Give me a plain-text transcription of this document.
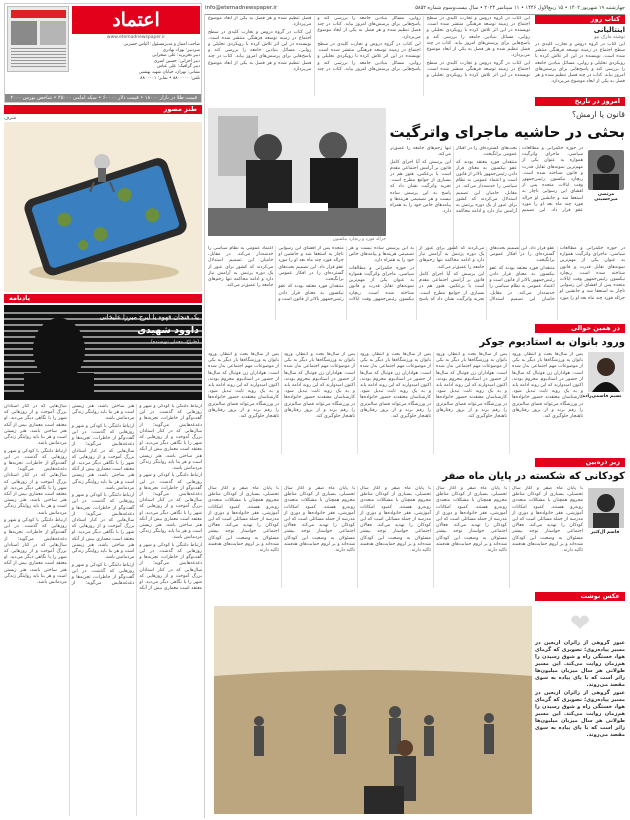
چهارشنبه ۱۹ شهریور ۱۴۰۲ • ۱۵ ربیع‌الاول ۱۴۴۶ • ۱۱ سپتامبر ۲۰۲۴ • سال بیست‌وسوم شماره ۵۸۵۲
info@etemadnewspaper.ir
اعتماد
www.etemadnewspaper.ir
صاحب امتیاز و مدیرمسئول: الیاس حضرتی
سردبیر: بهزاد بهادری
دبیر تحریریه: علی صحرایی
دبیر اجرایی: حسین امیری
دبیر گرافیک: علی عباس
نشانی: تهران، خیابان شهید بهشتی
تلفن: ۸۸۰۰۰۰۰ • نمابر: ۸۸۰۰۰۰۱
قیمت طلا در بازار ۱۸۰۰۰ • قیمت دلار ۶۰۰۰۰ • سکه امامی ۴۵۰۰۰ • شاخص بورس ۲۰۰۰
طنز مصور
شرف
یادنامه
یک فنجان قهوه با ایرج میرزا علیخانی
داوود شهیدی
(طراح، معمار، نویسنده)

ارتباط دلتنگی با کودکی و شهر و روزهایی که گذشت. در این گفت‌وگو از خاطرات، تجربه‌ها و دغدغه‌هایش می‌گوید؛ از سال‌هایی که در کنار استادان بزرگ آموخت و از روزهایی که شهر را با نگاهی دیگر می‌دید. او معتقد است معماری بیش از آنکه هنر ساختن باشد، هنر زیستن است و هر بنا باید روایتگر زندگی مردمانش باشد.

ارتباط دلتنگی با کودکی و شهر و روزهایی که گذشت. در این گفت‌وگو از خاطرات، تجربه‌ها و دغدغه‌هایش می‌گوید؛ از سال‌هایی که در کنار استادان بزرگ آموخت و از روزهایی که شهر را با نگاهی دیگر می‌دید. او معتقد است معماری بیش از آنکه هنر ساختن باشد، هنر زیستن است و هر بنا باید روایتگر زندگی مردمانش باشد.

ارتباط دلتنگی با کودکی و شهر و روزهایی که گذشت. در این گفت‌وگو از خاطرات، تجربه‌ها و دغدغه‌هایش می‌گوید؛ از سال‌هایی که در کنار استادان بزرگ آموخت و از روزهایی که شهر را با نگاهی دیگر می‌دید. او معتقد است معماری بیش از آنکه هنر ساختن باشد، هنر زیستن است و هر بنا باید روایتگر زندگی مردمانش باشد.

ارتباط دلتنگی با کودکی و شهر و روزهایی که گذشت. در این گفت‌وگو از خاطرات، تجربه‌ها و دغدغه‌هایش می‌گوید؛ از سال‌هایی که در کنار استادان بزرگ آموخت و از روزهایی که شهر را با نگاهی دیگر می‌دید. او معتقد است معماری بیش از آنکه هنر ساختن باشد، هنر زیستن است و هر بنا باید روایتگر زندگی مردمانش باشد.

ارتباط دلتنگی با کودکی و شهر و روزهایی که گذشت. در این گفت‌وگو از خاطرات، تجربه‌ها و دغدغه‌هایش می‌گوید؛ از سال‌هایی که در کنار استادان بزرگ آموخت و از روزهایی که شهر را با نگاهی دیگر می‌دید. او معتقد است معماری بیش از آنکه هنر ساختن باشد، هنر زیستن است و هر بنا باید روایتگر زندگی مردمانش باشد.

ارتباط دلتنگی با کودکی و شهر و روزهایی که گذشت. در این گفت‌وگو از خاطرات، تجربه‌ها و دغدغه‌هایش می‌گوید؛ از سال‌هایی که در کنار استادان بزرگ آموخت و از روزهایی که شهر را با نگاهی دیگر می‌دید. او معتقد است معماری بیش از آنکه هنر ساختن باشد، هنر زیستن است و هر بنا باید روایتگر زندگی مردمانش باشد.

ارتباط دلتنگی با کودکی و شهر و روزهایی که گذشت. در این گفت‌وگو از خاطرات، تجربه‌ها و دغدغه‌هایش می‌گوید؛ از سال‌هایی که در کنار استادان بزرگ آموخت و از روزهایی که شهر را با نگاهی دیگر می‌دید. او معتقد است معماری بیش از آنکه هنر ساختن باشد، هنر زیستن است و هر بنا باید روایتگر زندگی مردمانش باشد.

ارتباط دلتنگی با کودکی و شهر و روزهایی که گذشت. در این گفت‌وگو از خاطرات، تجربه‌ها و دغدغه‌هایش می‌گوید؛ از سال‌هایی که در کنار استادان بزرگ آموخت و از روزهایی که شهر را با نگاهی دیگر می‌دید. او معتقد است معماری بیش از آنکه هنر ساختن باشد، هنر زیستن است و هر بنا باید روایتگر زندگی مردمانش باشد.

کتاب روز
اینتالیانی
نوشته مارک نپو

این کتاب در گروه دروس و تجارب کلیدی در سطح اجتماع در زمینه توسعه فرهنگی منتشر شده است. نویسنده در این اثر تلاش کرده با رویکردی تحلیلی و روایی، مسائل بنیادین جامعه را بررسی کند و پاسخ‌هایی برای پرسش‌های امروز بیابد. کتاب در چند فصل تنظیم شده و هر فصل به یکی از ابعاد موضوع می‌پردازد.

این کتاب در گروه دروس و تجارب کلیدی در سطح اجتماع در زمینه توسعه فرهنگی منتشر شده است. نویسنده در این اثر تلاش کرده با رویکردی تحلیلی و روایی، مسائل بنیادین جامعه را بررسی کند و پاسخ‌هایی برای پرسش‌های امروز بیابد. کتاب در چند فصل تنظیم شده و هر فصل به یکی از ابعاد موضوع می‌پردازد.

این کتاب در گروه دروس و تجارب کلیدی در سطح اجتماع در زمینه توسعه فرهنگی منتشر شده است. نویسنده در این اثر تلاش کرده با رویکردی تحلیلی و روایی، مسائل بنیادین جامعه را بررسی کند و پاسخ‌هایی برای پرسش‌های امروز بیابد. کتاب در چند فصل تنظیم شده و هر فصل به یکی از ابعاد موضوع می‌پردازد.

این کتاب در گروه دروس و تجارب کلیدی در سطح اجتماع در زمینه توسعه فرهنگی منتشر شده است. نویسنده در این اثر تلاش کرده با رویکردی تحلیلی و روایی، مسائل بنیادین جامعه را بررسی کند و پاسخ‌هایی برای پرسش‌های امروز بیابد. کتاب در چند فصل تنظیم شده و هر فصل به یکی از ابعاد موضوع می‌پردازد.

این کتاب در گروه دروس و تجارب کلیدی در سطح اجتماع در زمینه توسعه فرهنگی منتشر شده است. نویسنده در این اثر تلاش کرده با رویکردی تحلیلی و روایی، مسائل بنیادین جامعه را بررسی کند و پاسخ‌هایی برای پرسش‌های امروز بیابد. کتاب در چند فصل تنظیم شده و هر فصل به یکی از ابعاد موضوع می‌پردازد.

امروز در تاریخ
قانون یا ارمش؟
بحثی در حاشیه ماجرای واترگیت
جرالد فورد و ریچارد نیکسون
مرتضی میرحسینی

در حوزه حکمرانی و مطالعات سیاسی، ماجرای واترگیت همواره به عنوان یکی از مهم‌ترین نمونه‌های تقابل قدرت و قانون شناخته شده است. ریچارد نیکسون رئیس‌جمهور وقت ایالات متحده پس از افشای این رسوایی ناچار به استعفا شد و جانشین او جرالد فورد چند ماه بعد او را مورد عفو قرار داد. این تصمیم بحث‌های گسترده‌ای را در افکار عمومی برانگیخت.

منتقدان فورد معتقد بودند که عفو نیکسون به معنای قرار دادن رئیس‌جمهور بالاتر از قانون است و اعتماد عمومی به نظام سیاسی را خدشه‌دار می‌کند. در مقابل، حامیان این تصمیم استدلال می‌کردند که کشور برای عبور از یک دوره پرتنش به آرامش نیاز دارد و ادامه محاکمه تنها زخم‌های جامعه را عمیق‌تر می‌کند.

این پرسش که آیا اجرای کامل قانون بر آرامش اجتماعی مقدم است یا برعکس، هنوز هم در بسیاری از جوامع مطرح است. تجربه واترگیت نشان داد که پاسخ به این پرسش ساده نیست و هر تصمیمی هزینه‌ها و پیامدهای خاص خود را به همراه دارد.

در حوزه حکمرانی و مطالعات سیاسی، ماجرای واترگیت همواره به عنوان یکی از مهم‌ترین نمونه‌های تقابل قدرت و قانون شناخته شده است. ریچارد نیکسون رئیس‌جمهور وقت ایالات متحده پس از افشای این رسوایی ناچار به استعفا شد و جانشین او جرالد فورد چند ماه بعد او را مورد عفو قرار داد. این تصمیم بحث‌های گسترده‌ای را در افکار عمومی برانگیخت.

منتقدان فورد معتقد بودند که عفو نیکسون به معنای قرار دادن رئیس‌جمهور بالاتر از قانون است و اعتماد عمومی به نظام سیاسی را خدشه‌دار می‌کند. در مقابل، حامیان این تصمیم استدلال می‌کردند که کشور برای عبور از یک دوره پرتنش به آرامش نیاز دارد و ادامه محاکمه تنها زخم‌های جامعه را عمیق‌تر می‌کند.

این پرسش که آیا اجرای کامل قانون بر آرامش اجتماعی مقدم است یا برعکس، هنوز هم در بسیاری از جوامع مطرح است. تجربه واترگیت نشان داد که پاسخ به این پرسش ساده نیست و هر تصمیمی هزینه‌ها و پیامدهای خاص خود را به همراه دارد.

در حوزه حکمرانی و مطالعات سیاسی، ماجرای واترگیت همواره به عنوان یکی از مهم‌ترین نمونه‌های تقابل قدرت و قانون شناخته شده است. ریچارد نیکسون رئیس‌جمهور وقت ایالات متحده پس از افشای این رسوایی ناچار به استعفا شد و جانشین او جرالد فورد چند ماه بعد او را مورد عفو قرار داد. این تصمیم بحث‌های گسترده‌ای را در افکار عمومی برانگیخت.

منتقدان فورد معتقد بودند که عفو نیکسون به معنای قرار دادن رئیس‌جمهور بالاتر از قانون است و اعتماد عمومی به نظام سیاسی را خدشه‌دار می‌کند. در مقابل، حامیان این تصمیم استدلال می‌کردند که کشور برای عبور از یک دوره پرتنش به آرامش نیاز دارد و ادامه محاکمه تنها زخم‌های جامعه را عمیق‌تر می‌کند.

در همین حوالی
ورود بانوان به استادیوم جوکر
نسیم قاسمی‌زاده

پس از سال‌ها بحث و انتظار، ورود بانوان به ورزشگاه‌ها بار دیگر به یکی از موضوعات مهم اجتماعی بدل شده است. هواداران زن فوتبال که سال‌ها از حضور در استادیوم محروم بودند، اکنون امیدوارند که این روند ادامه یابد و به یک رویه ثابت تبدیل شود. کارشناسان معتقدند حضور خانواده‌ها در ورزشگاه می‌تواند فضای سالم‌تری را رقم بزند و از بروز رفتارهای ناهنجار جلوگیری کند.

پس از سال‌ها بحث و انتظار، ورود بانوان به ورزشگاه‌ها بار دیگر به یکی از موضوعات مهم اجتماعی بدل شده است. هواداران زن فوتبال که سال‌ها از حضور در استادیوم محروم بودند، اکنون امیدوارند که این روند ادامه یابد و به یک رویه ثابت تبدیل شود. کارشناسان معتقدند حضور خانواده‌ها در ورزشگاه می‌تواند فضای سالم‌تری را رقم بزند و از بروز رفتارهای ناهنجار جلوگیری کند.

پس از سال‌ها بحث و انتظار، ورود بانوان به ورزشگاه‌ها بار دیگر به یکی از موضوعات مهم اجتماعی بدل شده است. هواداران زن فوتبال که سال‌ها از حضور در استادیوم محروم بودند، اکنون امیدوارند که این روند ادامه یابد و به یک رویه ثابت تبدیل شود. کارشناسان معتقدند حضور خانواده‌ها در ورزشگاه می‌تواند فضای سالم‌تری را رقم بزند و از بروز رفتارهای ناهنجار جلوگیری کند.

پس از سال‌ها بحث و انتظار، ورود بانوان به ورزشگاه‌ها بار دیگر به یکی از موضوعات مهم اجتماعی بدل شده است. هواداران زن فوتبال که سال‌ها از حضور در استادیوم محروم بودند، اکنون امیدوارند که این روند ادامه یابد و به یک رویه ثابت تبدیل شود. کارشناسان معتقدند حضور خانواده‌ها در ورزشگاه می‌تواند فضای سالم‌تری را رقم بزند و از بروز رفتارهای ناهنجار جلوگیری کند.

پس از سال‌ها بحث و انتظار، ورود بانوان به ورزشگاه‌ها بار دیگر به یکی از موضوعات مهم اجتماعی بدل شده است. هواداران زن فوتبال که سال‌ها از حضور در استادیوم محروم بودند، اکنون امیدوارند که این روند ادامه یابد و به یک رویه ثابت تبدیل شود. کارشناسان معتقدند حضور خانواده‌ها در ورزشگاه می‌تواند فضای سالم‌تری را رقم بزند و از بروز رفتارهای ناهنجار جلوگیری کند.

زیر ذره‌بین
کودکانی که شکسته در پایان ماه صفر
قاسم آل‌کثیر

با پایان ماه صفر و آغاز سال تحصیلی، بسیاری از کودکان مناطق محروم همچنان با مشکلات متعددی روبه‌رو هستند. کمبود امکانات آموزشی، فقر خانواده‌ها و دوری از مدرسه از جمله مسائلی است که این کودکان را تهدید می‌کند. فعالان اجتماعی خواستار توجه بیشتر مسئولان به وضعیت این کودکان شده‌اند و بر لزوم حمایت‌های هدفمند تاکید دارند.

با پایان ماه صفر و آغاز سال تحصیلی، بسیاری از کودکان مناطق محروم همچنان با مشکلات متعددی روبه‌رو هستند. کمبود امکانات آموزشی، فقر خانواده‌ها و دوری از مدرسه از جمله مسائلی است که این کودکان را تهدید می‌کند. فعالان اجتماعی خواستار توجه بیشتر مسئولان به وضعیت این کودکان شده‌اند و بر لزوم حمایت‌های هدفمند تاکید دارند.

با پایان ماه صفر و آغاز سال تحصیلی، بسیاری از کودکان مناطق محروم همچنان با مشکلات متعددی روبه‌رو هستند. کمبود امکانات آموزشی، فقر خانواده‌ها و دوری از مدرسه از جمله مسائلی است که این کودکان را تهدید می‌کند. فعالان اجتماعی خواستار توجه بیشتر مسئولان به وضعیت این کودکان شده‌اند و بر لزوم حمایت‌های هدفمند تاکید دارند.

با پایان ماه صفر و آغاز سال تحصیلی، بسیاری از کودکان مناطق محروم همچنان با مشکلات متعددی روبه‌رو هستند. کمبود امکانات آموزشی، فقر خانواده‌ها و دوری از مدرسه از جمله مسائلی است که این کودکان را تهدید می‌کند. فعالان اجتماعی خواستار توجه بیشتر مسئولان به وضعیت این کودکان شده‌اند و بر لزوم حمایت‌های هدفمند تاکید دارند.

با پایان ماه صفر و آغاز سال تحصیلی، بسیاری از کودکان مناطق محروم همچنان با مشکلات متعددی روبه‌رو هستند. کمبود امکانات آموزشی، فقر خانواده‌ها و دوری از مدرسه از جمله مسائلی است که این کودکان را تهدید می‌کند. فعالان اجتماعی خواستار توجه بیشتر مسئولان به وضعیت این کودکان شده‌اند و بر لزوم حمایت‌های هدفمند تاکید دارند.

عکس نوشت
❤

عبور گروهی از زائران اربعین در مسیر پیاده‌روی؛ تصویری که گرمای هوا، خستگی راه و شوق رسیدن را هم‌زمان روایت می‌کند. این مسیر طولانی هر سال میزبان میلیون‌ها زائر است که با پای پیاده به سوی مقصد می‌روند.

عبور گروهی از زائران اربعین در مسیر پیاده‌روی؛ تصویری که گرمای هوا، خستگی راه و شوق رسیدن را هم‌زمان روایت می‌کند. این مسیر طولانی هر سال میزبان میلیون‌ها زائر است که با پای پیاده به سوی مقصد می‌روند.
